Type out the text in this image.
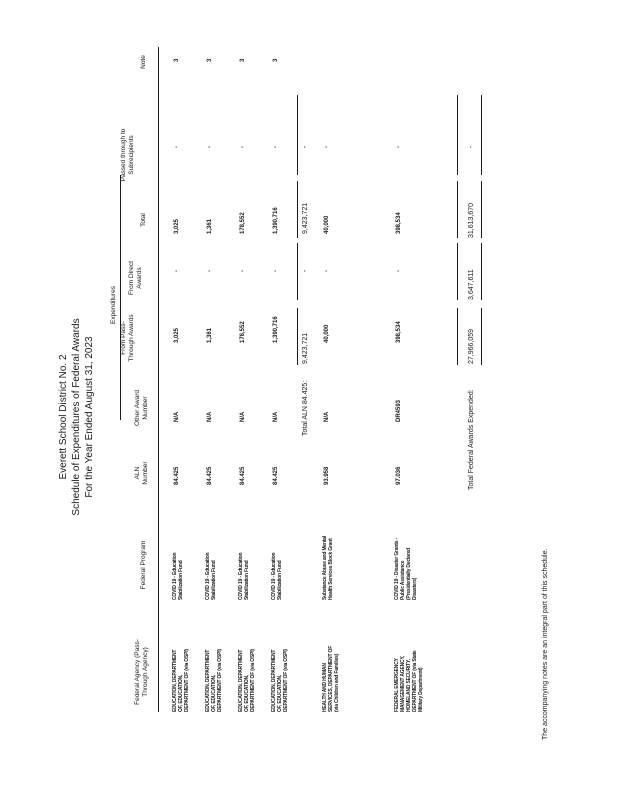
Everett School District No. 2 Schedule of Expenditures of Federal Awards For the Year Ended August 31, 2023
Expenditures
Federal Agency (Pass-Through Agency)
Federal Program
ALN Number
Other Award Number
From Pass-Through Awards
From Direct Awards
Total
Passed through to Subrecipients
Note
EDUCATION, DEPARTMENT OF, EDUCATION, DEPARTMENT OF (via OSPI)
COVID 19 - Education Stabilization Fund
84.425
N/A
3,025
-
3,025
-
3
EDUCATION, DEPARTMENT OF, EDUCATION, DEPARTMENT OF (via OSPI)
COVID 19 - Education Stabilization Fund
84.425
N/A
1,361
-
1,361
-
3
EDUCATION, DEPARTMENT OF, EDUCATION, DEPARTMENT OF (via OSPI)
COVID 19 - Education Stabilization Fund
84.425
N/A
178,552
-
178,552
-
3
EDUCATION, DEPARTMENT OF, EDUCATION, DEPARTMENT OF (via OSPI)
COVID 19 - Education Stabilization Fund
84.425
N/A
1,390,716
-
1,390,716
-
3
Total ALN 84.425:
9,423,721
-
9,423,721
-
HEALTH AND HUMAN SERVICES, DEPARTMENT OF (via Children and Families)
Substance Abuse and Mental Health Services Block Grant
93.958
N/A
40,000
-
40,000
-
FEDERAL EMERGENCY MANAGEMENT AGENCY, HOMELAND SECURITY, DEPARTMENT OF (via State Military Department)
COVID 19 - Disaster Grants - Public Assistance (Presidentially Declared Disasters)
97.036
DR4593
398,534
-
398,534
-
Total Federal Awards Expended:
27,966,059
3,647,611
31,613,670
-
The accompanying notes are an integral part of this schedule.
